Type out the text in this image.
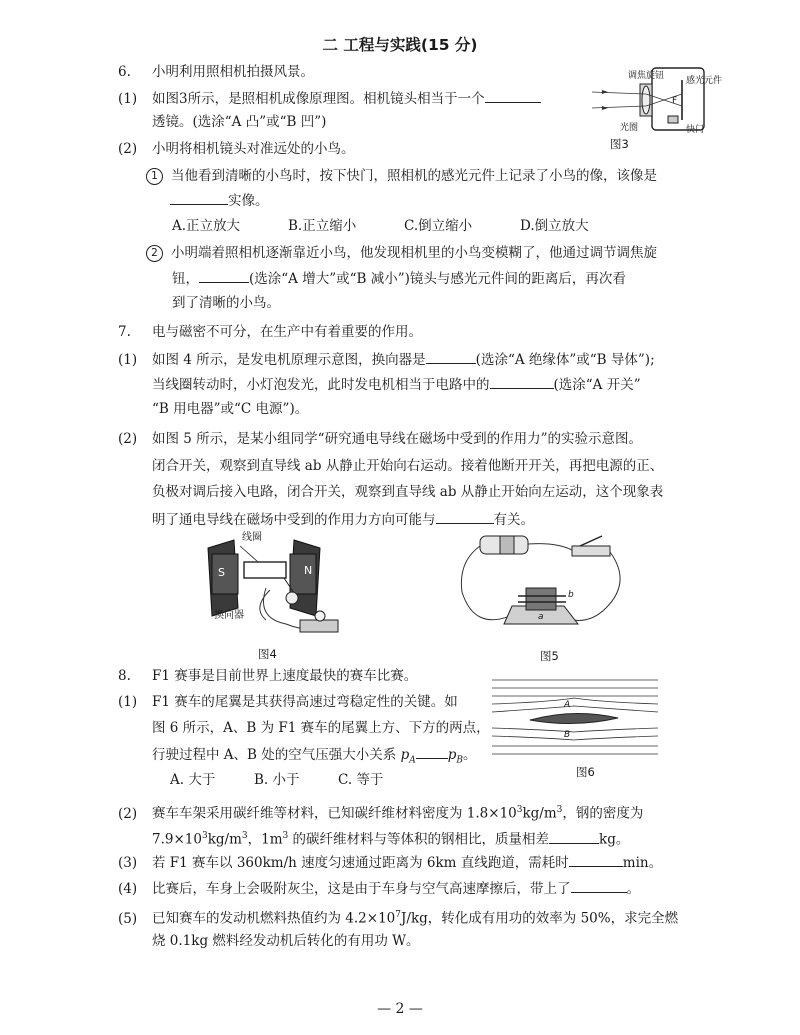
二 工程与实践(15 分)
6. 小明利用照相机拍摄风景。
(1) 如图3所示，是照相机成像原理图。相机镜头相当于一个
透镜。(选涂“A 凸”或“B 凹”)
(2) 小明将相机镜头对准远处的小鸟。
1 当他看到清晰的小鸟时，按下快门，照相机的感光元件上记录了小鸟的像，该像是
实像。
A.正立放大	B.正立缩小	C.倒立缩小	D.倒立放大
2 小明端着照相机逐渐靠近小鸟，他发现相机里的小鸟变模糊了，他通过调节调焦旋
钮，	(选涂“A 增大”或“B 减小”)镜头与感光元件间的距离后，再次看
到了清晰的小鸟。
调焦旋钮 感光元件
F
光圈	快门
图3
7. 电与磁密不可分，在生产中有着重要的作用。
(1) 如图 4 所示，是发电机原理示意图，换向器是	(选涂“A 绝缘体”或“B 导体”);
当线圈转动时，小灯泡发光，此时发电机相当于电路中的	(选涂“A 开关”
“B 用电器”或“C 电源”)。
(2) 如图 5 所示，是某小组同学“研究通电导线在磁场中受到的作用力”的实验示意图。
闭合开关，观察到直导线 ab 从静止开始向右运动。接着他断开开关，再把电源的正、
负极对调后接入电路，闭合开关，观察到直导线 ab 从静止开始向左运动，这个现象表
明了通电导线在磁场中受到的作用力方向可能与	有关。
线圈
S	N
换向器
图4
b
a
图5
8. F1 赛事是目前世界上速度最快的赛车比赛。
(1) F1 赛车的尾翼是其获得高速过弯稳定性的关键。如
图 6 所示，A、B 为 F1 赛车的尾翼上方、下方的两点，
行驶过程中 A、B 处的空气压强大小关系 $p_A$ $p_B$。
A. 大于	B. 小于	C. 等于
A
B
图6
(2) 赛车车架采用碳纤维等材料，已知碳纤维材料密度为 $1.8\times 10^3kg/m^3$，钢的密度为
$7.9\times 10^3kg/m^3$，$1m^3$ 的碳纤维材料与等体积的钢相比，质量相差	kg。
(3) 若 F1 赛车以 360km/h 速度匀速通过距离为 6km 直线跑道，需耗时	min。
(4) 比赛后，车身上会吸附灰尘，这是由于车身与空气高速摩擦后，带上了	。
(5) 已知赛车的发动机燃料热值约为 $4.2\times 10^7J/kg$，转化成有用功的效率为 50%，求完全燃
烧 0.1kg 燃料经发动机后转化的有用功 W。
— 2 —
